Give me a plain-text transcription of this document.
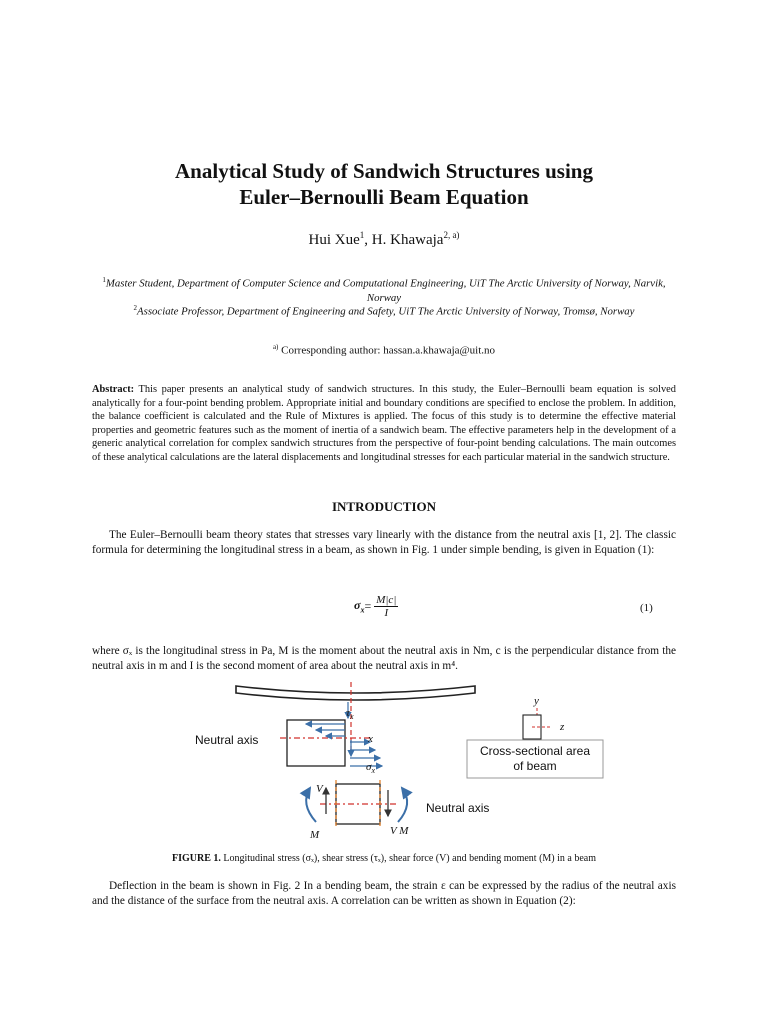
Analytical Study of Sandwich Structures using
Euler–Bernoulli Beam Equation
Hui Xue$^1$, H. Khawaja$^{2, a)}$
$^1$Master Student, Department of Computer Science and Computational Engineering, UiT The Arctic University of Norway, Narvik, Norway
$^2$Associate Professor, Department of Engineering and Safety, UiT The Arctic University of Norway, Tromsø, Norway
$^{a)}$ Corresponding author: hassan.a.khawaja@uit.no
Abstract: This paper presents an analytical study of sandwich structures. In this study, the Euler–Bernoulli beam equation is solved analytically for a four-point bending problem. Appropriate initial and boundary conditions are specified to enclose the problem. In addition, the balance coefficient is calculated and the Rule of Mixtures is applied. The focus of this study is to determine the effective material properties and geometric features such as the moment of inertia of a sandwich beam. The effective parameters help in the development of a generic analytical correlation for complex sandwich structures from the perspective of four-point bending calculations. The main outcomes of these analytical calculations are the lateral displacements and longitudinal stresses for each particular material in the sandwich structure.
INTRODUCTION
The Euler–Bernoulli beam theory states that stresses vary linearly with the distance from the neutral axis [1, 2]. The classic formula for determining the longitudinal stress in a beam, as shown in Fig. 1 under simple bending, is given in Equation (1):
$\sigma_x= \frac{M|c|}{I}$	(1)
where σₓ is the longitudinal stress in Pa, M is the moment about the neutral axis in Nm, c is the perpendicular distance from the neutral axis in m and I is the second moment of area about the neutral axis in m⁴.
Neutral axis
$\tau_x$
x
$\sigma_x$
y
z
Cross-sectional area
of beam
V
M	V M
Neutral axis
FIGURE 1. Longitudinal stress (σₓ), shear stress (τₓ), shear force (V) and bending moment (M) in a beam
Deflection in the beam is shown in Fig. 2 In a bending beam, the strain ε can be expressed by the radius of the neutral axis and the distance of the surface from the neutral axis. A correlation can be written as shown in Equation (2):
